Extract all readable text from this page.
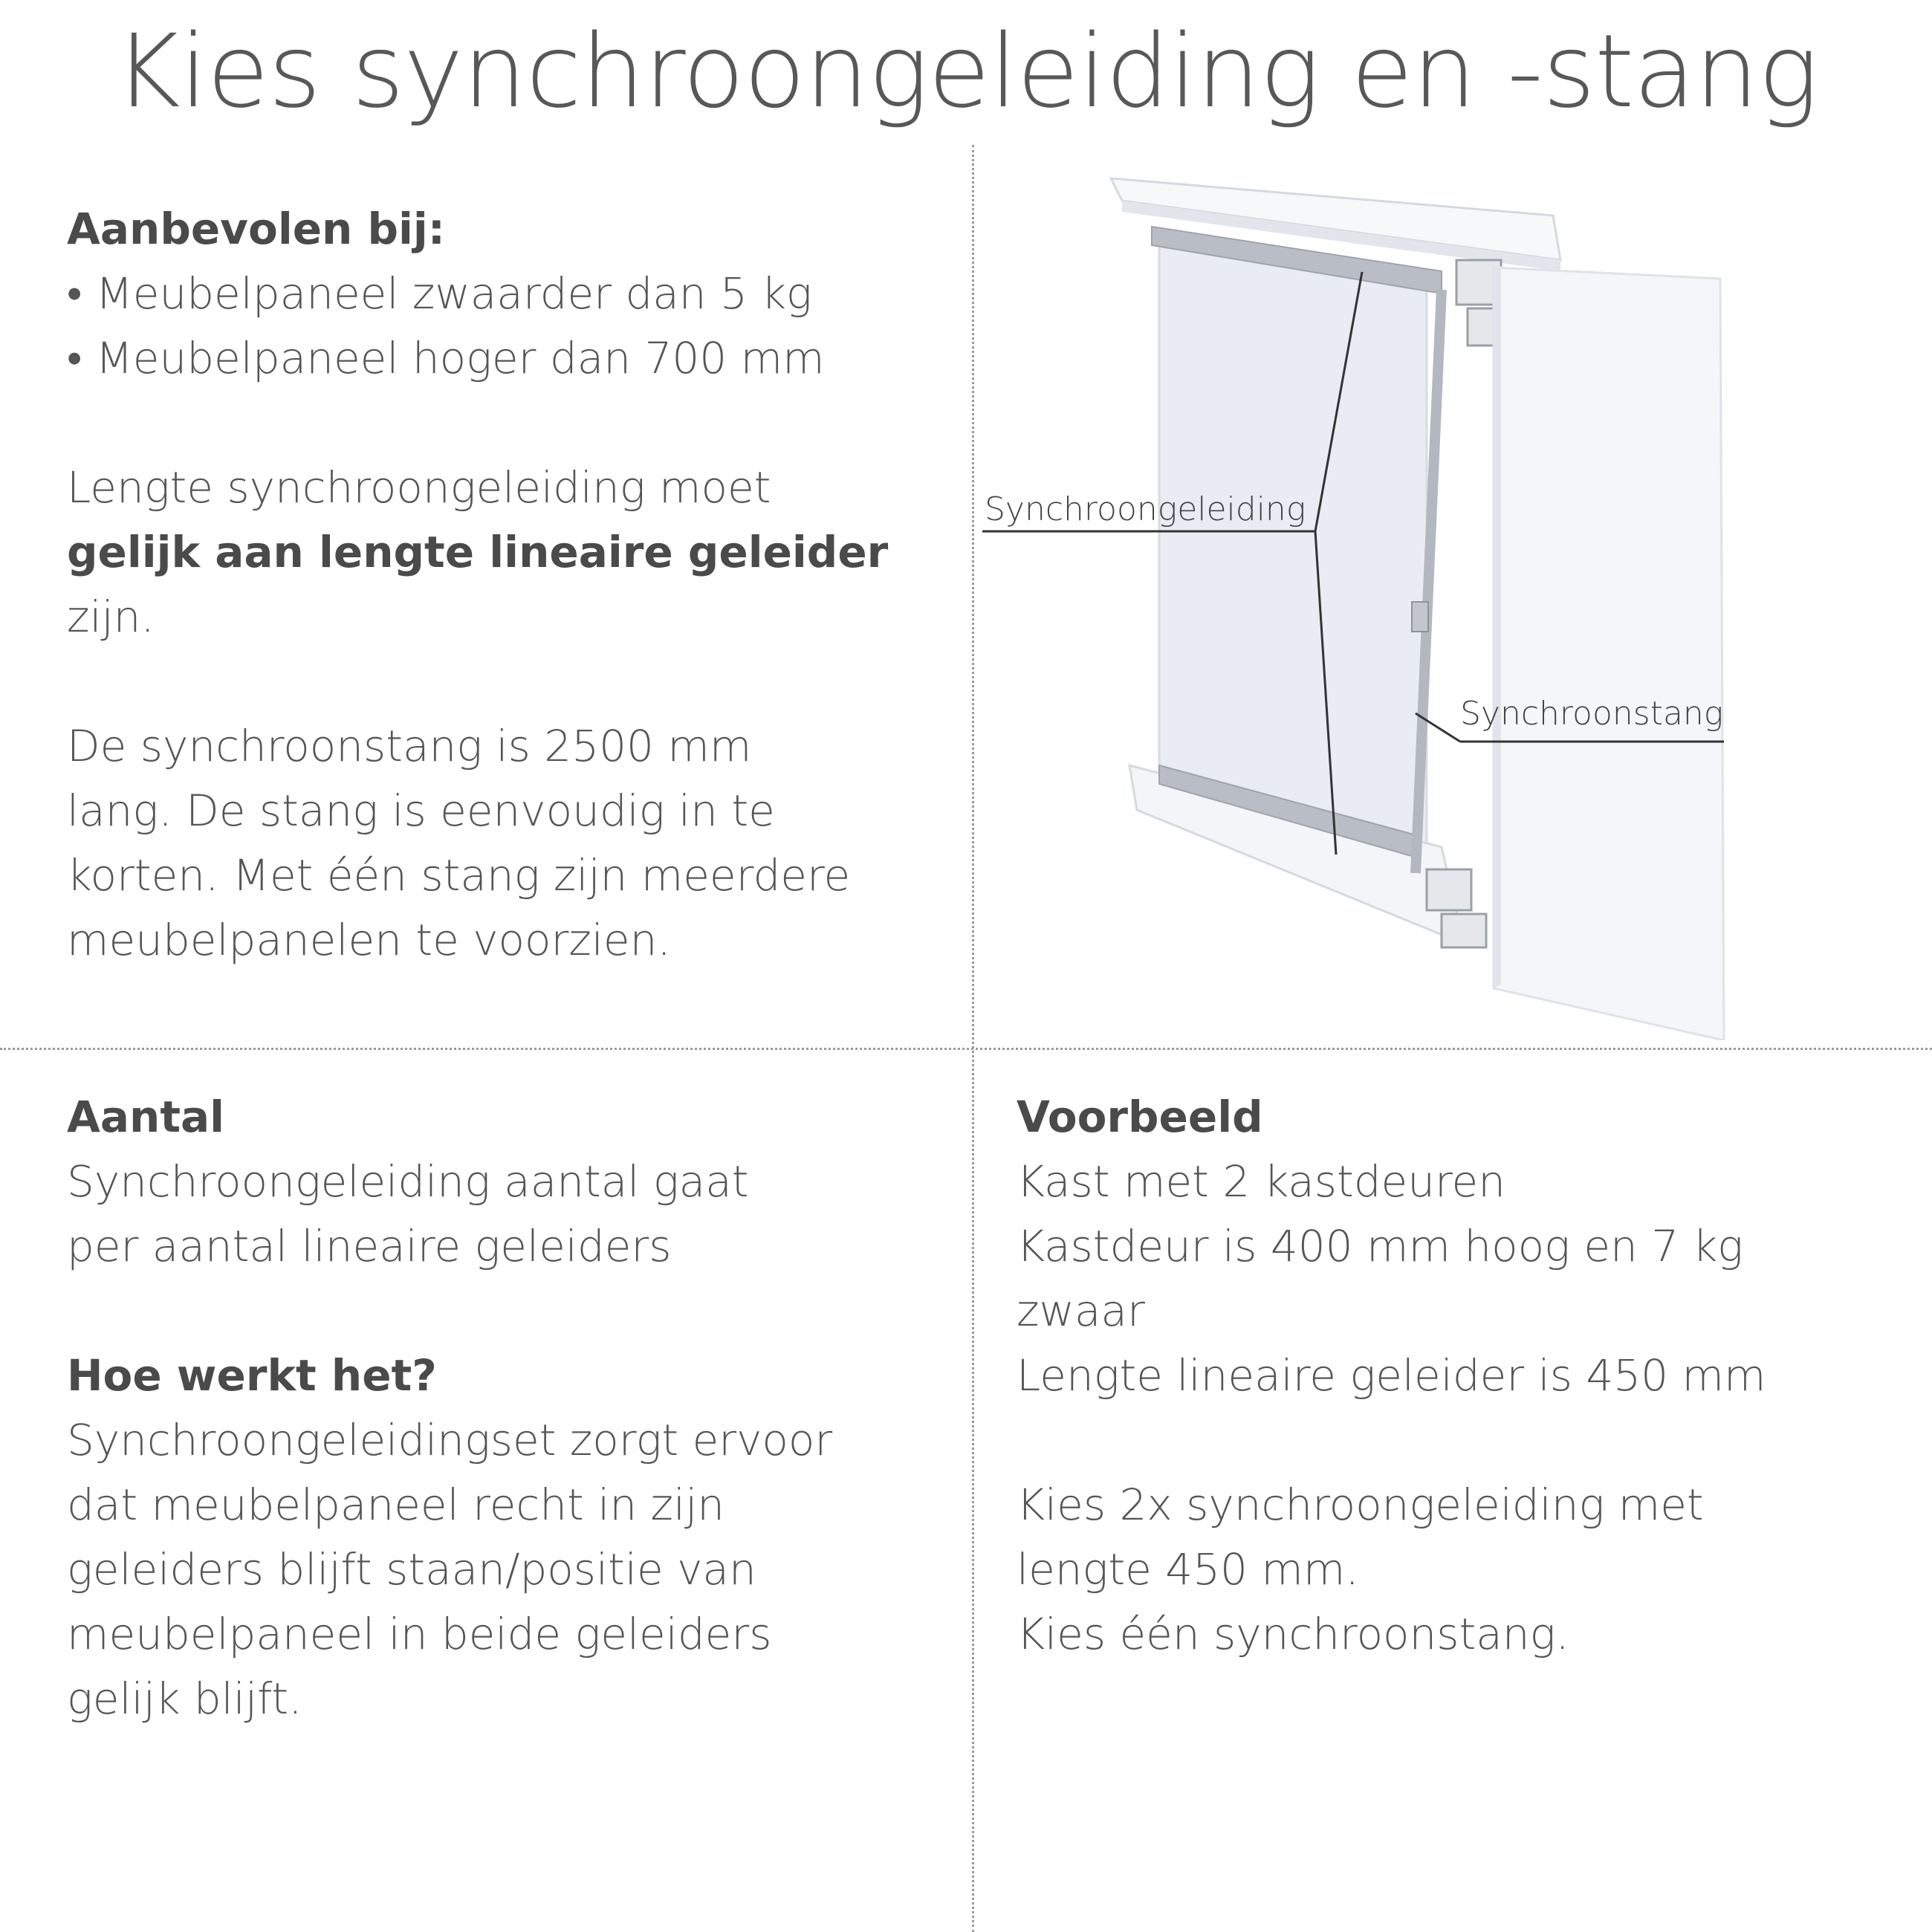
Kies synchroongeleiding en -stang

Aanbevolen bij:

• Meubelpaneel zwaarder dan 5 kg

• Meubelpaneel hoger dan 700 mm

Lengte synchroongeleiding moet

gelijk aan lengte lineaire geleider

zijn.

De synchroonstang is 2500 mm

lang. De stang is eenvoudig in te

korten. Met één stang zijn meerdere

meubelpanelen te voorzien.

Synchroongeleiding
Synchroonstang

Aantal

Synchroongeleiding aantal gaat

per aantal lineaire geleiders

Hoe werkt het?

Synchroongeleidingset zorgt ervoor

dat meubelpaneel recht in zijn

geleiders blijft staan/positie van

meubelpaneel in beide geleiders

gelijk blijft.

Voorbeeld

Kast met 2 kastdeuren

Kastdeur is 400 mm hoog en 7 kg

zwaar

Lengte lineaire geleider is 450 mm

Kies 2x synchroongeleiding met

lengte 450 mm.

Kies één synchroonstang.
